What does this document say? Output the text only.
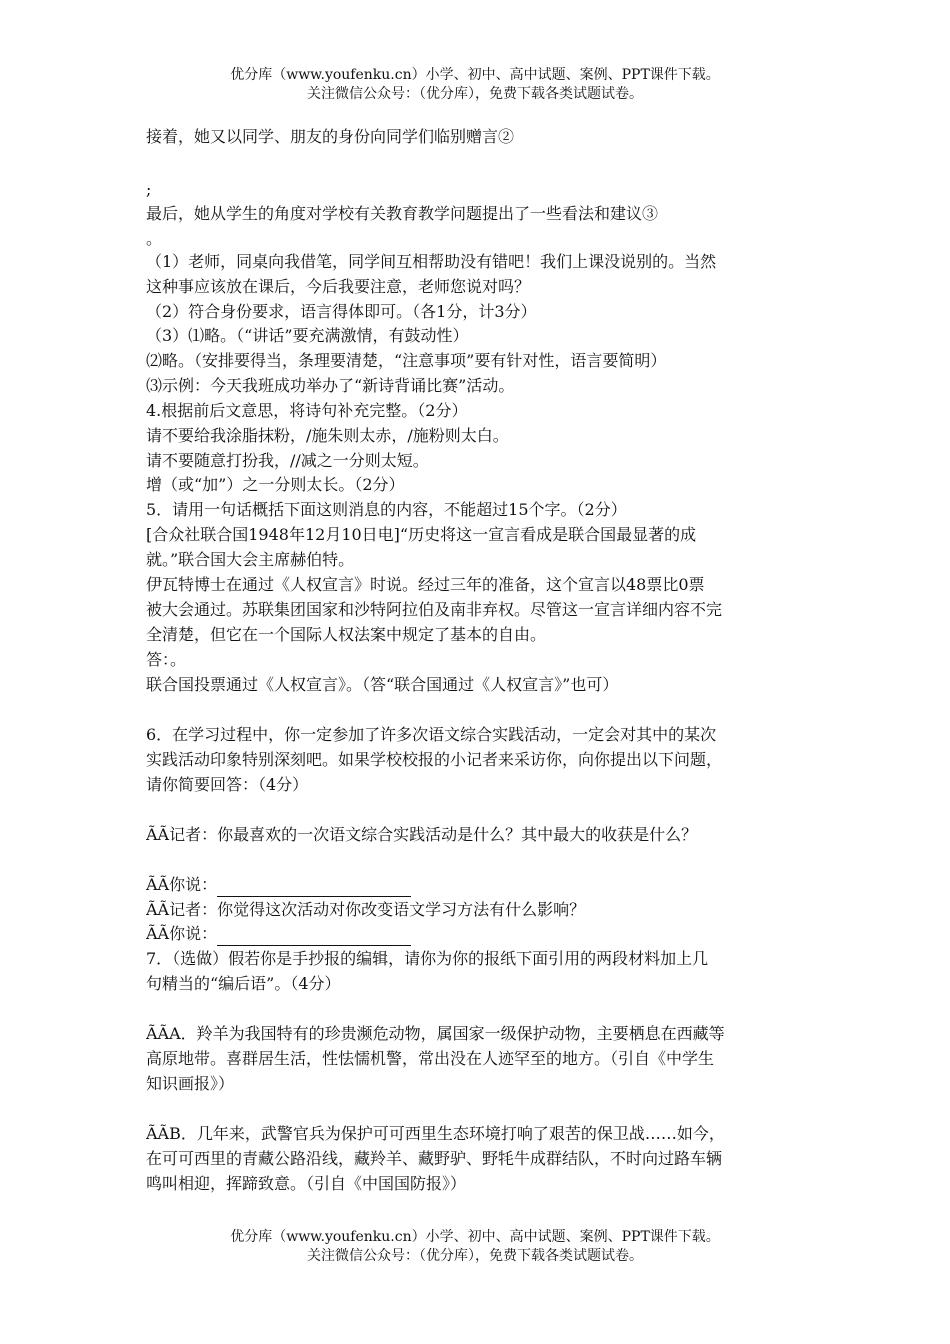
优分库（www.youfenku.cn）小学、初中、高中试题、案例、PPT课件下载。
关注微信公众号：（优分库），免费下载各类试题试卷。
接着，她又以同学、朋友的身份向同学们临别赠言②
;
最后，她从学生的角度对学校有关教育教学问题提出了一些看法和建议③
。
（1）老师，同桌向我借笔，同学间互相帮助没有错吧！我们上课没说别的。当然
这种事应该放在课后，今后我要注意，老师您说对吗？
（2）符合身份要求，语言得体即可。（各1分，计3分）
（3）⑴略。（“讲话”要充满激情，有鼓动性）
⑵略。（安排要得当，条理要清楚，“注意事项”要有针对性，语言要简明）
⑶示例：今天我班成功举办了“新诗背诵比赛”活动。
4.根据前后文意思，将诗句补充完整。（2分）
请不要给我涂脂抹粉，/施朱则太赤，/施粉则太白。
请不要随意打扮我，//减之一分则太短。
增（或“加”）之一分则太长。（2分）
5．请用一句话概括下面这则消息的内容，不能超过15个字。（2分）
[合众社联合国1948年12月10日电]“历史将这一宣言看成是联合国最显著的成
就。”联合国大会主席赫伯特。
伊瓦特博士在通过《人权宣言》时说。经过三年的准备，这个宣言以48票比0票
被大会通过。苏联集团国家和沙特阿拉伯及南非弃权。尽管这一宣言详细内容不完
全清楚，但它在一个国际人权法案中规定了基本的自由。
答：。
联合国投票通过《人权宣言》。（答“联合国通过《人权宣言》”也可）
6．在学习过程中，你一定参加了许多次语文综合实践活动，一定会对其中的某次
实践活动印象特别深刻吧。如果学校校报的小记者来采访你，向你提出以下问题，
请你简要回答：（4分）
ÃÃ记者：你最喜欢的一次语文综合实践活动是什么？其中最大的收获是什么？
ÃÃ你说：
ÃÃ记者：你觉得这次活动对你改变语文学习方法有什么影响？
ÃÃ你说：
7．（选做）假若你是手抄报的编辑，请你为你的报纸下面引用的两段材料加上几
句精当的“编后语”。（4分）
ÃÃA．羚羊为我国特有的珍贵濒危动物，属国家一级保护动物，主要栖息在西藏等
高原地带。喜群居生活，性怯懦机警，常出没在人迹罕至的地方。（引自《中学生
知识画报》）
ÃÃB．几年来，武警官兵为保护可可西里生态环境打响了艰苦的保卫战……如今，
在可可西里的青藏公路沿线，藏羚羊、藏野驴、野牦牛成群结队，不时向过路车辆
鸣叫相迎，挥蹄致意。（引自《中国国防报》）
优分库（www.youfenku.cn）小学、初中、高中试题、案例、PPT课件下载。
关注微信公众号：（优分库），免费下载各类试题试卷。
